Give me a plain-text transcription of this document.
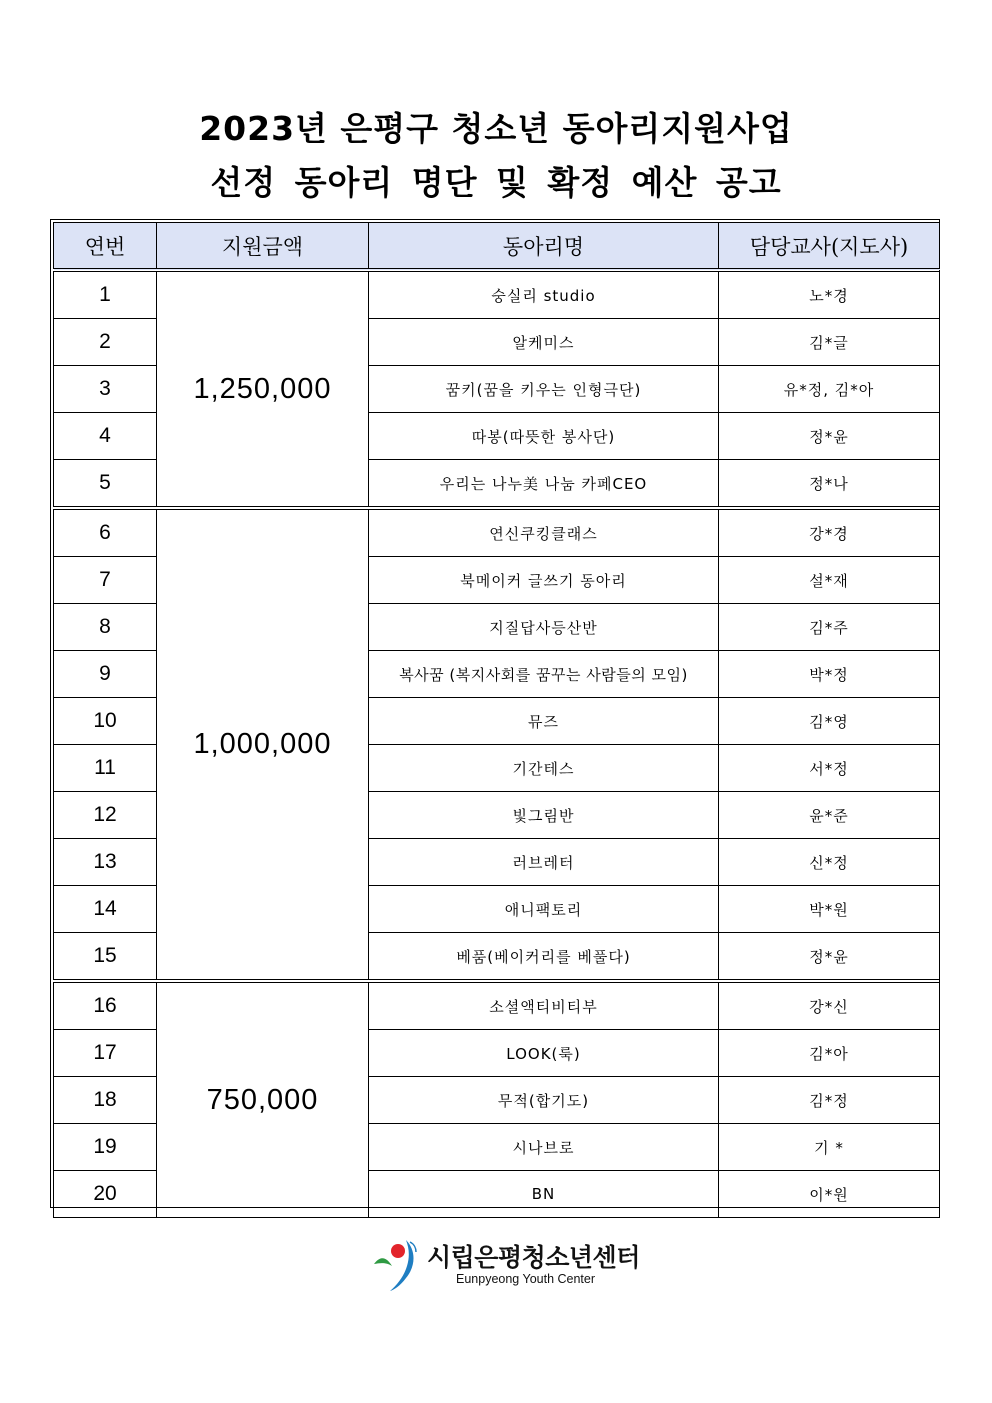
2023년 은평구 청소년 동아리지원사업
선정 동아리 명단 및 확정 예산 공고
연번	지원금액	동아리명	담당교사(지도사)
1	1,250,000	숭실리 studio	노*경
2		알케미스	김*글
3		꿈키(꿈을 키우는 인형극단)	유*정, 김*아
4		따봉(따뜻한 봉사단)	정*윤
5		우리는 나누美 나눔 카페CEO	정*나
6	1,000,000	연신쿠킹클래스	강*경
7		북메이커 글쓰기 동아리	설*재
8		지질답사등산반	김*주
9		복사꿈 (복지사회를 꿈꾸는 사람들의 모임)	박*정
10		뮤즈	김*영
11		기간테스	서*정
12		빛그림반	윤*준
13		러브레터	신*정
14		애니팩토리	박*원
15		베품(베이커리를 베풀다)	정*윤
16	750,000	소셜액티비티부	강*신
17		LOOK(룩)	김*아
18		무적(합기도)	김*정
19		시나브로	기 *
20		BN	이*원
시립은평청소년센터
Eunpyeong Youth Center
